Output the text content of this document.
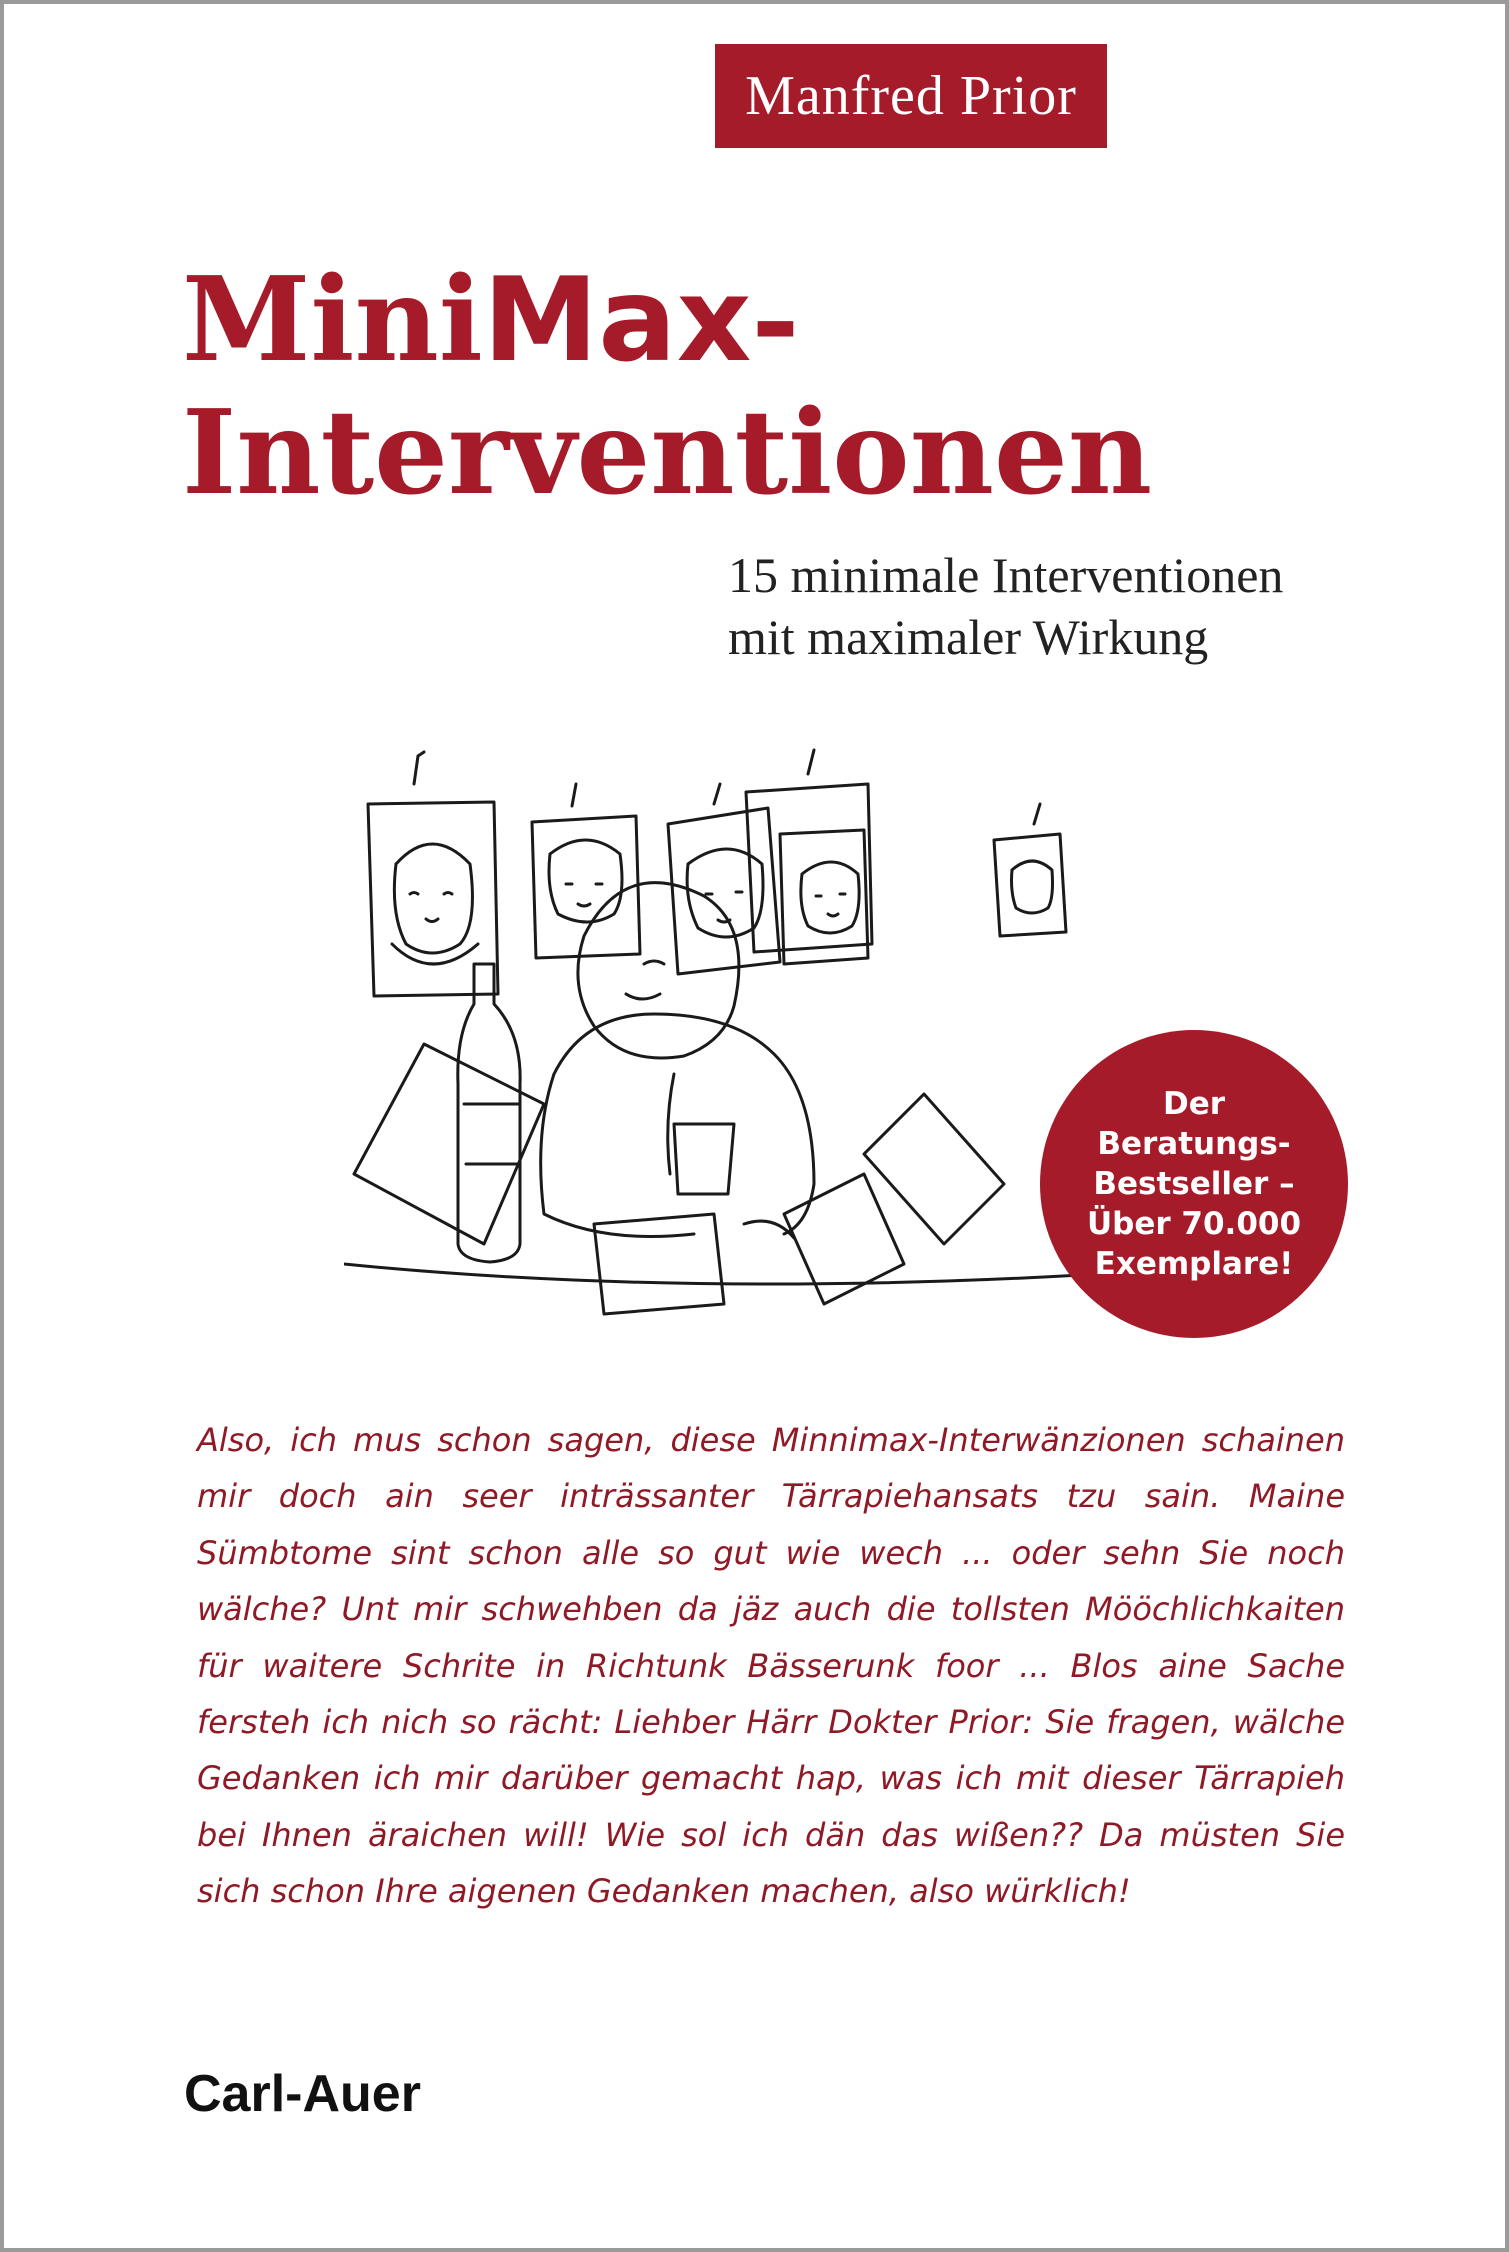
Manfred Prior
MiniMax-
Interventionen
15 minimale Interventionen
mit maximaler Wirkung
Der
Beratungs-
Bestseller –
Über 70.000
Exemplare!
Also, ich mus schon sagen, diese Minnimax-Interwänzionen schainen mir doch ain seer inträssanter Tärrapiehansats tzu sain. Maine Sümbtome sint schon alle so gut wie wech ... oder sehn Sie noch wälche? Unt mir schwehben da jäz auch die tollsten Mööchlichkaiten für waitere Schrite in Richtunk Bässerunk foor ... Blos aine Sache fersteh ich nich so rächt: Liehber Härr Dokter Prior: Sie fragen, wälche Gedanken ich mir darüber gemacht hap, was ich mit dieser Tärrapieh bei Ihnen äraichen will! Wie sol ich dän das wißen?? Da müsten Sie sich schon Ihre aigenen Gedanken machen, also würklich!
Carl-Auer
